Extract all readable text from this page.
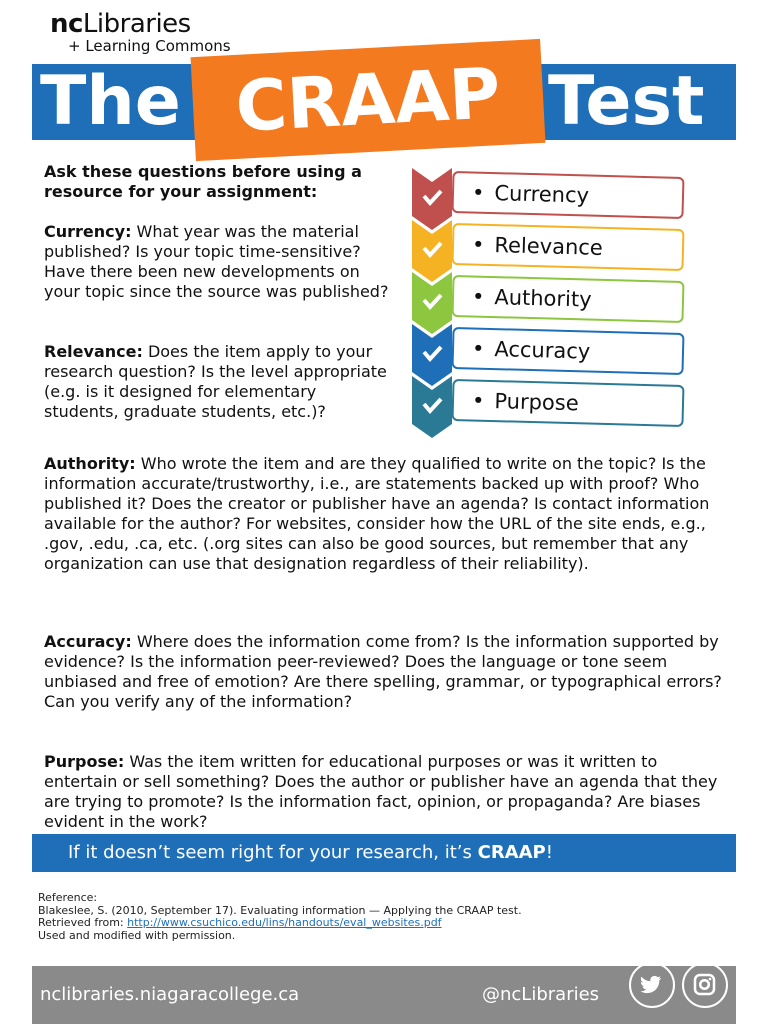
ncLibraries
+ Learning Commons
The CRAAP Test
Ask these questions before using a resource for your assignment:
Currency: What year was the material published? Is your topic time-sensitive? Have there been new developments on your topic since the source was published?
Relevance: Does the item apply to your research question? Is the level appropriate (e.g. is it designed for elementary students, graduate students, etc.)?
Authority: Who wrote the item and are they qualified to write on the topic? Is the information accurate/trustworthy, i.e., are statements backed up with proof? Who published it? Does the creator or publisher have an agenda? Is contact information available for the author? For websites, consider how the URL of the site ends, e.g., .gov, .edu, .ca, etc. (.org sites can also be good sources, but remember that any organization can use that designation regardless of their reliability).
Accuracy: Where does the information come from? Is the information supported by evidence? Is the information peer-reviewed? Does the language or tone seem unbiased and free of emotion? Are there spelling, grammar, or typographical errors? Can you verify any of the information?
Purpose: Was the item written for educational purposes or was it written to entertain or sell something? Does the author or publisher have an agenda that they are trying to promote? Is the information fact, opinion, or propaganda? Are biases evident in the work?
• Currency
• Relevance
• Authority
• Accuracy
• Purpose
If it doesn’t seem right for your research, it’s CRAAP!
Reference:
Blakeslee, S. (2010, September 17). Evaluating information — Applying the CRAAP test.
Retrieved from: http://www.csuchico.edu/lins/handouts/eval_websites.pdf
Used and modified with permission.
nclibraries.niagaracollege.ca	@ncLibraries
